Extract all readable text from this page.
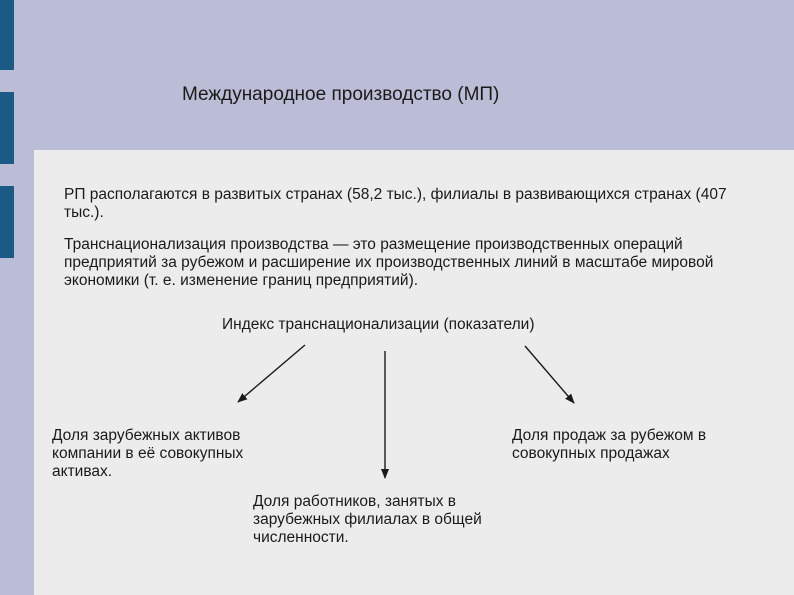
Международное производство (МП)
РП располагаются в развитых странах (58,2 тыс.), филиалы в развивающихся странах (407 тыс.).
Транснационализация производства — это размещение производственных операций предприятий за рубежом и расширение их производственных линий в масштабе мировой экономики (т. е. изменение границ предприятий).
Индекс транснационализации (показатели)
Доля зарубежных активов компании в её совокупных активах.
Доля продаж за рубежом в совокупных продажах
Доля работников, занятых в зарубежных филиалах в общей численности.
